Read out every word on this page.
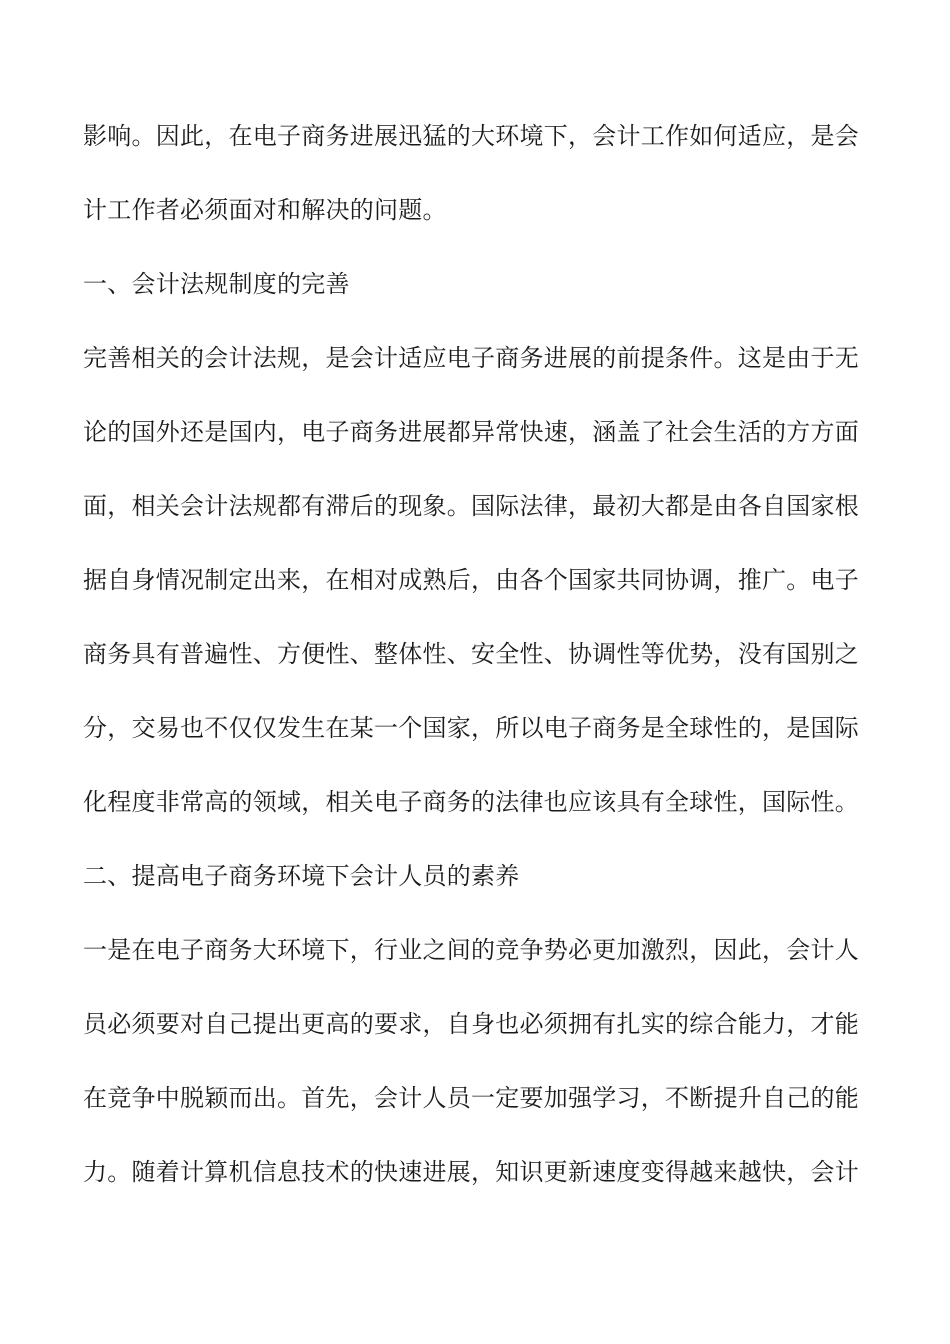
影响。因此，在电子商务进展迅猛的大环境下，会计工作如何适应，是会
计工作者必须面对和解决的问题。
一、会计法规制度的完善
完善相关的会计法规，是会计适应电子商务进展的前提条件。这是由于无
论的国外还是国内，电子商务进展都异常快速，涵盖了社会生活的方方面
面，相关会计法规都有滞后的现象。国际法律，最初大都是由各自国家根
据自身情况制定出来，在相对成熟后，由各个国家共同协调，推广。电子
商务具有普遍性、方便性、整体性、安全性、协调性等优势，没有国别之
分，交易也不仅仅发生在某一个国家，所以电子商务是全球性的，是国际
化程度非常高的领域，相关电子商务的法律也应该具有全球性，国际性。
二、提高电子商务环境下会计人员的素养
一是在电子商务大环境下，行业之间的竞争势必更加激烈，因此，会计人
员必须要对自己提出更高的要求，自身也必须拥有扎实的综合能力，才能
在竞争中脱颖而出。首先，会计人员一定要加强学习，不断提升自己的能
力。随着计算机信息技术的快速进展，知识更新速度变得越来越快，会计
